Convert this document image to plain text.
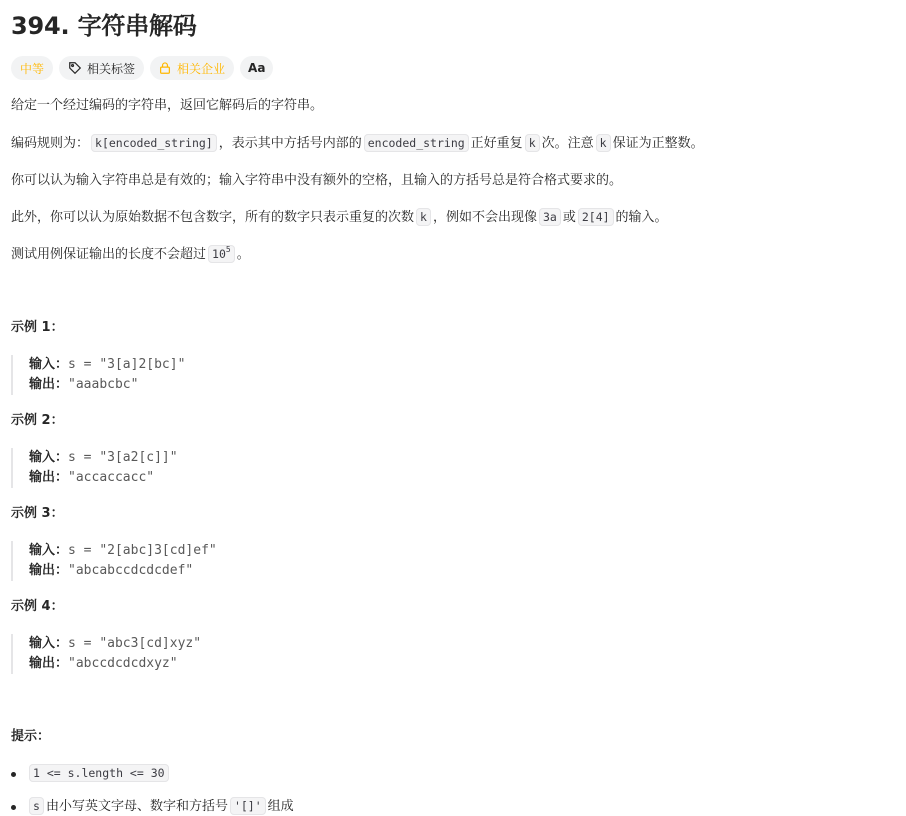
394. 字符串解码
中等	相关标签	相关企业	Aa
给定一个经过编码的字符串，返回它解码后的字符串。
编码规则为： k[encoded_string] ，表示其中方括号内部的 encoded_string 正好重复 k 次。注意 k 保证为正整数。
你可以认为输入字符串总是有效的；输入字符串中没有额外的空格，且输入的方括号总是符合格式要求的。
此外，你可以认为原始数据不包含数字，所有的数字只表示重复的次数 k ，例如不会出现像 3a 或 2[4] 的输入。
测试用例保证输出的长度不会超过 $10^5$ 。
示例 1：
输入：s = "3[a]2[bc]"
输出："aaabcbc"
示例 2：
输入：s = "3[a2[c]]"
输出："accaccacc"
示例 3：
输入：s = "2[abc]3[cd]ef"
输出："abcabccdcdcdef"
示例 4：
输入：s = "abc3[cd]xyz"
输出："abccdcdcdxyz"
提示：
1 <= s.length <= 30
s 由小写英文字母、数字和方括号 '[]' 组成
